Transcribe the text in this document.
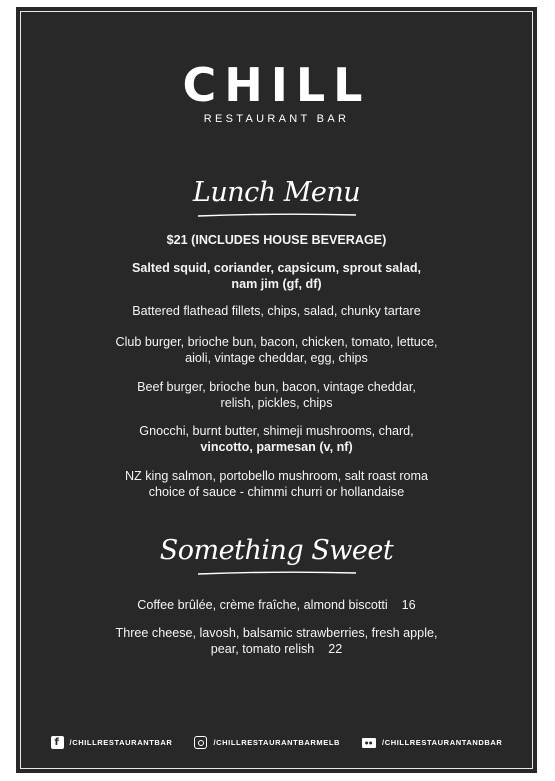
CHILL
RESTAURANT BAR
Lunch Menu
$21 (INCLUDES HOUSE BEVERAGE)
Salted squid, coriander, capsicum, sprout salad,
nam jim (gf, df)
Battered flathead fillets, chips, salad, chunky tartare
Club burger, brioche bun, bacon, chicken, tomato, lettuce,
aioli, vintage cheddar, egg, chips
Beef burger, brioche bun, bacon, vintage cheddar,
relish, pickles, chips
Gnocchi, burnt butter, shimeji mushrooms, chard,
vincotto, parmesan (v, nf)
NZ king salmon, portobello mushroom, salt roast roma
choice of sauce - chimmi churri or hollandaise
Something Sweet
Coffee brûlée, crème fraîche, almond biscotti 16
Three cheese, lavosh, balsamic strawberries, fresh apple,
pear, tomato relish 22
f	/CHILLRESTAURANTBAR	/CHILLRESTAURANTBARMELB	●●	/CHILLRESTAURANTANDBAR
